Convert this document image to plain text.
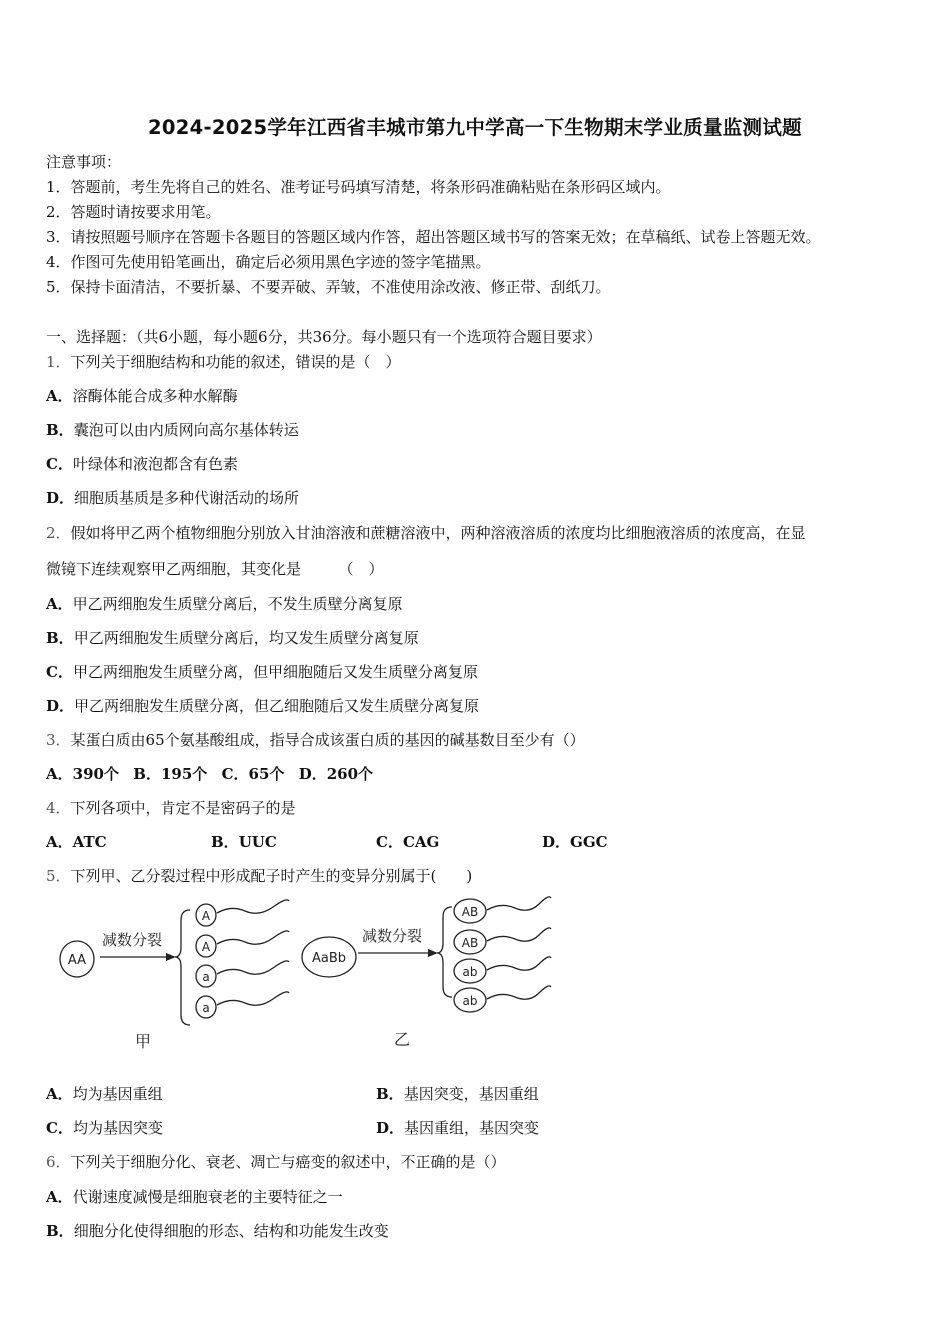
2024-2025学年江西省丰城市第九中学高一下生物期末学业质量监测试题
注意事项：
1．答题前，考生先将自己的姓名、准考证号码填写清楚，将条形码准确粘贴在条形码区域内。
2．答题时请按要求用笔。
3．请按照题号顺序在答题卡各题目的答题区域内作答，超出答题区域书写的答案无效；在草稿纸、试卷上答题无效。
4．作图可先使用铅笔画出，确定后必须用黑色字迹的签字笔描黑。
5．保持卡面清洁，不要折暴、不要弄破、弄皱，不准使用涂改液、修正带、刮纸刀。
一、选择题：（共6小题，每小题6分，共36分。每小题只有一个选项符合题目要求）
1．下列关于细胞结构和功能的叙述，错误的是（　）
A．溶酶体能合成多种水解酶
B．囊泡可以由内质网向高尔基体转运
C．叶绿体和液泡都含有色素
D．细胞质基质是多种代谢活动的场所
2．假如将甲乙两个植物细胞分别放入甘油溶液和蔗糖溶液中，两种溶液溶质的浓度均比细胞液溶质的浓度高，在显
微镜下连续观察甲乙两细胞，其变化是　　　（　）
A．甲乙两细胞发生质壁分离后，不发生质壁分离复原
B．甲乙两细胞发生质壁分离后，均又发生质壁分离复原
C．甲乙两细胞发生质壁分离，但甲细胞随后又发生质壁分离复原
D．甲乙两细胞发生质壁分离，但乙细胞随后又发生质壁分离复原
3．某蛋白质由65个氨基酸组成，指导合成该蛋白质的基因的碱基数目至少有（）
A．390个 B．195个 C．65个 D．260个
4．下列各项中，肯定不是密码子的是
A．ATC	B．UUC	C．CAG	D．GGC
5．下列甲、乙分裂过程中形成配子时产生的变异分别属于(　　)
AA
减数分裂
A
A
a
a
甲
AaBb
减数分裂
AB
AB
ab
ab
乙
A．均为基因重组	B．基因突变，基因重组
C．均为基因突变	D．基因重组，基因突变
6．下列关于细胞分化、衰老、凋亡与癌变的叙述中，不正确的是（）
A．代谢速度减慢是细胞衰老的主要特征之一
B．细胞分化使得细胞的形态、结构和功能发生改变
